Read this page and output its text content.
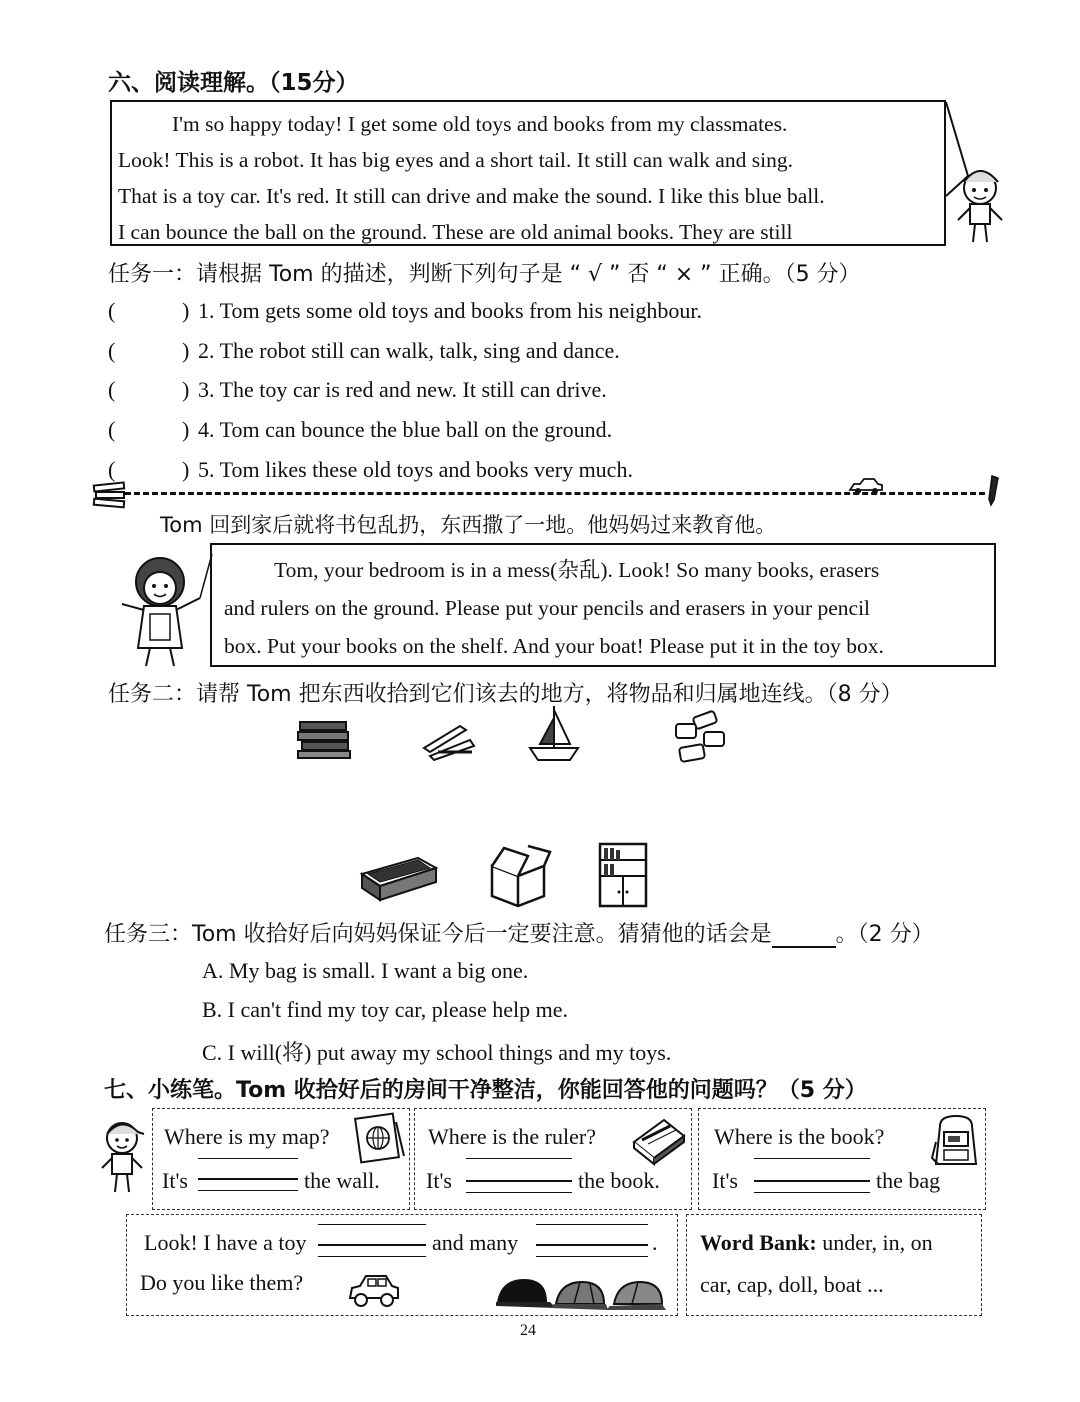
六、阅读理解。（15分）

I'm so happy today! I get some old toys and books from my classmates.

Look! This is a robot. It has big eyes and a short tail. It still can walk and sing.

That is a toy car. It's red. It still can drive and make the sound. I like this blue ball.

I can bounce the ball on the ground. These are old animal books. They are still

任务一：请根据 Tom 的描述，判断下列句子是 “ √ ” 否 “ × ” 正确。（5 分）
(	) 1. Tom gets some old toys and books from his neighbour.
(	) 2. The robot still can walk, talk, sing and dance.
(	) 3. The toy car is red and new. It still can drive.
(	) 4. Tom can bounce the blue ball on the ground.
(	) 5. Tom likes these old toys and books very much.
Tom 回到家后就将书包乱扔，东西撒了一地。他妈妈过来教育他。

Tom, your bedroom is in a mess(杂乱). Look! So many books, erasers

and rulers on the ground. Please put your pencils and erasers in your pencil

box. Put your books on the shelf. And your boat! Please put it in the toy box.

任务二：请帮 Tom 把东西收拾到它们该去的地方，将物品和归属地连线。（8 分）
任务三：Tom 收拾好后向妈妈保证今后一定要注意。猜猜他的话会是	。（2 分）
A. My bag is small. I want a big one.
B. I can't find my toy car, please help me.
C. I will(将) put away my school things and my toys.
七、小练笔。Tom 收拾好后的房间干净整洁，你能回答他的问题吗？（5 分）
Where is my map?
It's	the wall.
Where is the ruler?
It's	the book.
Where is the book?
It's	the bag
Look! I have a toy	and many	.
Do you like them?
Word Bank: under, in, on
car, cap, doll, boat ...
24
